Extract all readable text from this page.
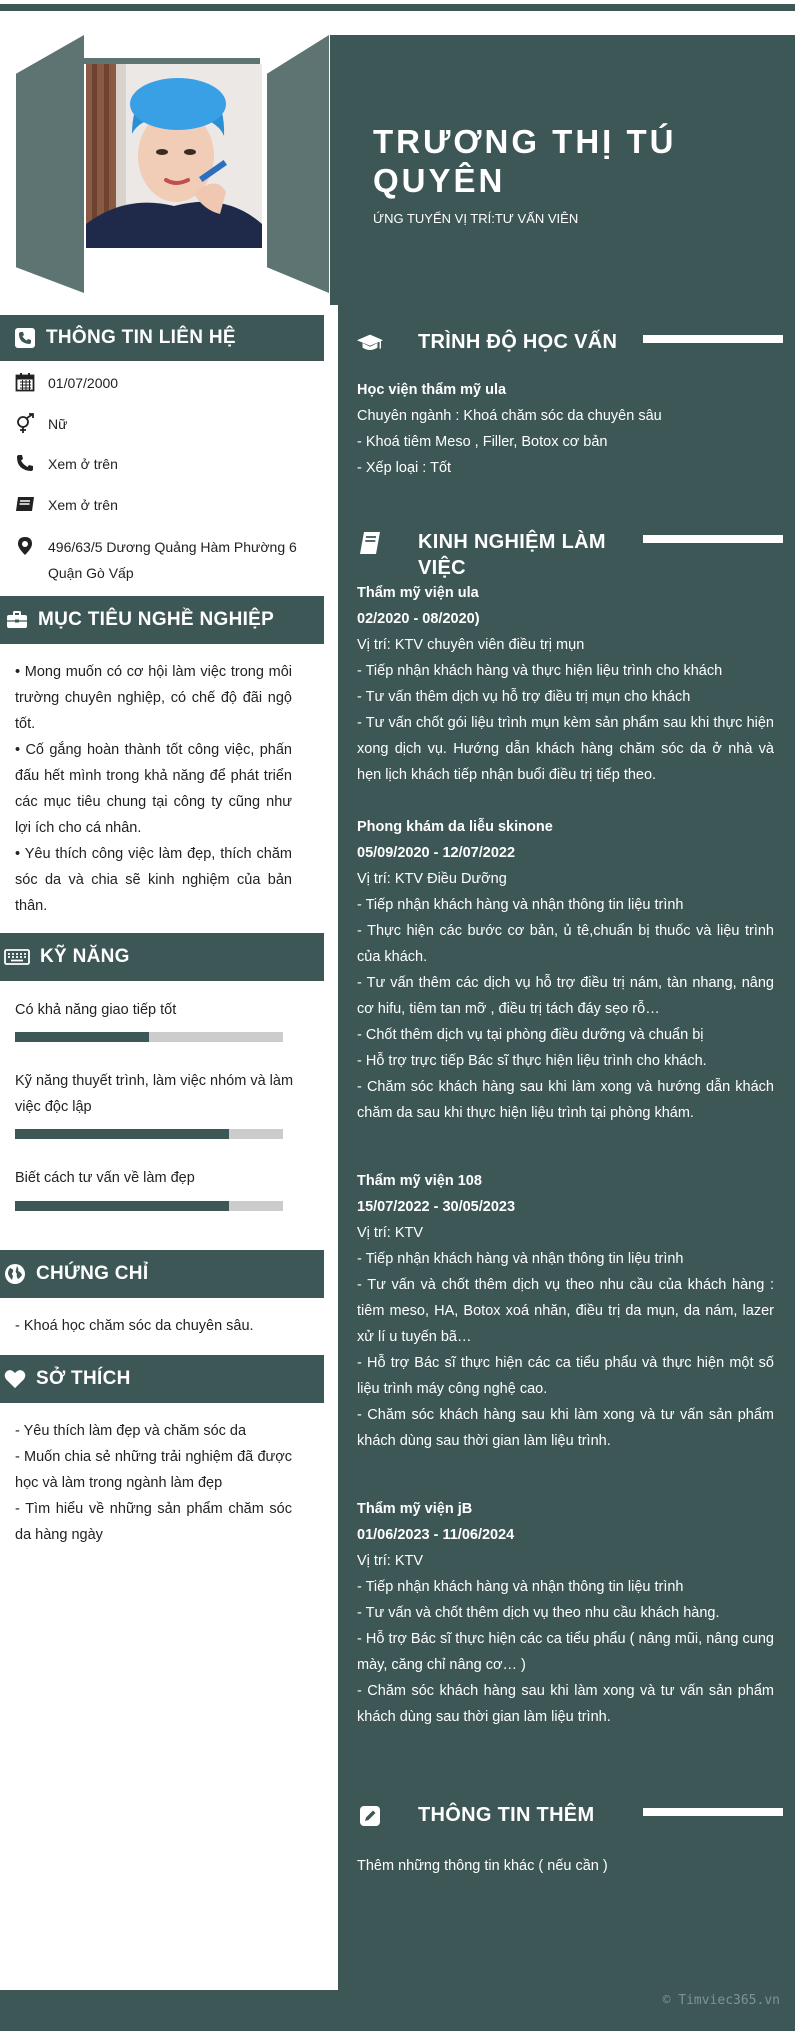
© Timviec365.vn
TRƯƠNG THỊ TÚ QUYÊN
ỨNG TUYỂN VỊ TRÍ:TƯ VẤN VIÊN
THÔNG TIN LIÊN HỆ
01/07/2000
Nữ
Xem ở trên
Xem ở trên
496/63/5 Dương Quảng Hàm Phường 6 Quận Gò Vấp
MỤC TIÊU NGHỀ NGHIỆP
• Mong muốn có cơ hội làm việc trong môi trường chuyên nghiệp, có chế độ đãi ngộ tốt.
• Cố gắng hoàn thành tốt công việc, phấn đấu hết mình trong khả năng để phát triển các mục tiêu chung tại công ty cũng như lợi ích cho cá nhân.
• Yêu thích công việc làm đẹp, thích chăm sóc da và chia sẽ kinh nghiệm của bản thân.
KỸ NĂNG
Có khả năng giao tiếp tốt
Kỹ năng thuyết trình, làm việc nhóm và làm việc độc lập
Biết cách tư vấn về làm đẹp
CHỨNG CHỈ
- Khoá học chăm sóc da chuyên sâu.
SỞ THÍCH
- Yêu thích làm đẹp và chăm sóc da
- Muốn chia sẻ những trải nghiệm đã được học và làm trong ngành làm đẹp
- Tìm hiểu về những sản phẩm chăm sóc da hàng ngày
TRÌNH ĐỘ HỌC VẤN
Học viện thẩm mỹ ula
Chuyên ngành : Khoá chăm sóc da chuyên sâu
- Khoá tiêm Meso , Filler, Botox cơ bản
- Xếp loại : Tốt
KINH NGHIỆM LÀM VIỆC
Thẩm mỹ viện ula
02/2020 - 08/2020)
Vị trí: KTV chuyên viên điều trị mụn
- Tiếp nhận khách hàng và thực hiện liệu trình cho khách
- Tư vấn thêm dịch vụ hỗ trợ điều trị mụn cho khách
- Tư vấn chốt gói liệu trình mụn kèm sản phẩm sau khi thực hiện xong dịch vụ. Hướng dẫn khách hàng chăm sóc da ở nhà và hẹn lịch khách tiếp nhận buổi điều trị tiếp theo.
Phong khám da liễu skinone
05/09/2020 - 12/07/2022
Vị trí: KTV Điều Dưỡng
- Tiếp nhận khách hàng và nhận thông tin liệu trình
- Thực hiện các bước cơ bản, ủ tê,chuẩn bị thuốc và liệu trình của khách.
- Tư vấn thêm các dịch vụ hỗ trợ điều trị nám, tàn nhang, nâng cơ hifu, tiêm tan mỡ , điều trị tách đáy sẹo rỗ…
- Chốt thêm dịch vụ tại phòng điều dưỡng và chuẩn bị
- Hỗ trợ trực tiếp Bác sĩ thực hiện liệu trình cho khách.
- Chăm sóc khách hàng sau khi làm xong và hướng dẫn khách chăm da sau khi thực hiện liệu trình tại phòng khám.
Thẩm mỹ viện 108
15/07/2022 - 30/05/2023
Vị trí: KTV
- Tiếp nhận khách hàng và nhận thông tin liệu trình
- Tư vấn và chốt thêm dịch vụ theo nhu cầu của khách hàng : tiêm meso, HA, Botox xoá nhăn, điều trị da mụn, da nám, lazer xử lí u tuyến bã…
- Hỗ trợ Bác sĩ thực hiện các ca tiểu phẩu và thực hiện một số liệu trình máy công nghệ cao.
- Chăm sóc khách hàng sau khi làm xong và tư vấn sản phẩm khách dùng sau thời gian làm liệu trình.
Thẩm mỹ viện jB
01/06/2023 - 11/06/2024
Vị trí: KTV
- Tiếp nhận khách hàng và nhận thông tin liệu trình
- Tư vấn và chốt thêm dịch vụ theo nhu cầu khách hàng.
- Hỗ trợ Bác sĩ thực hiện các ca tiểu phẩu ( nâng mũi, nâng cung mày, căng chỉ nâng cơ… )
- Chăm sóc khách hàng sau khi làm xong và tư vấn sản phẩm khách dùng sau thời gian làm liệu trình.
THÔNG TIN THÊM
Thêm những thông tin khác ( nếu cần )
